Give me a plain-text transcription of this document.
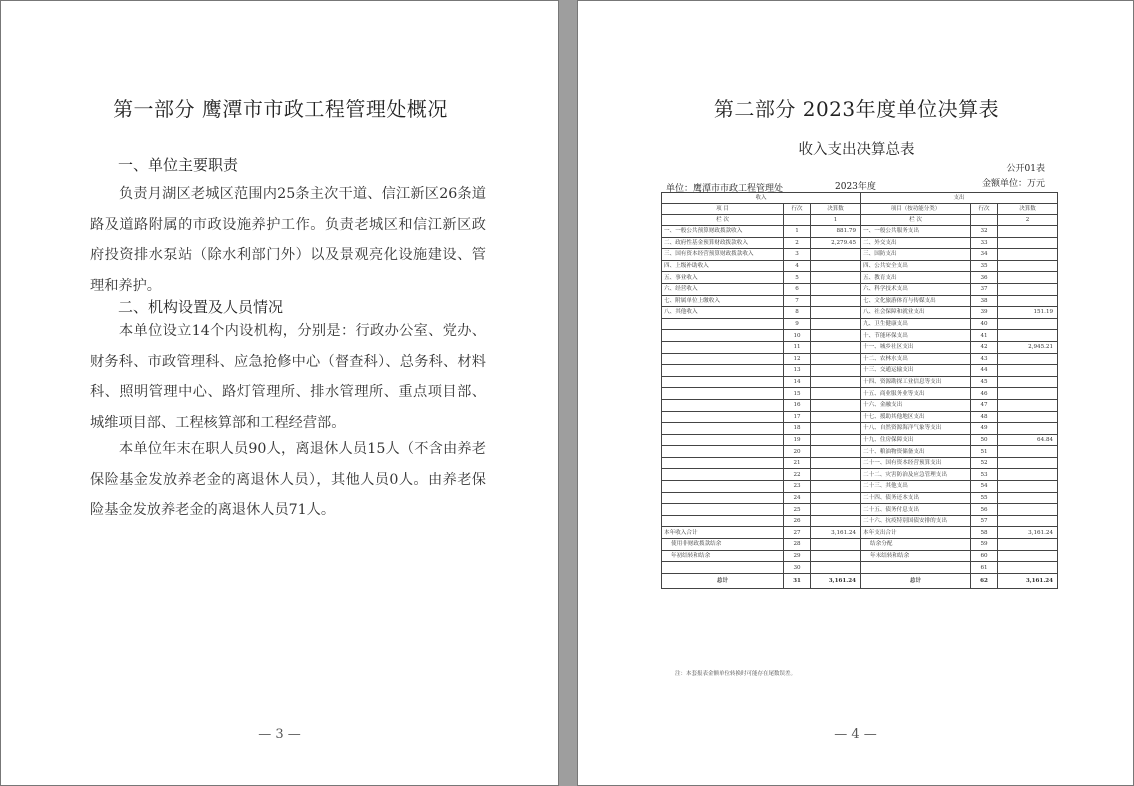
第一部分 鹰潭市市政工程管理处概况
一、单位主要职责
负责月湖区老城区范围内25条主次干道、信江新区26条道路及道路附属的市政设施养护工作。负责老城区和信江新区政府投资排水泵站（除水利部门外）以及景观亮化设施建设、管理和养护。
二、机构设置及人员情况
本单位设立14个内设机构，分别是：行政办公室、党办、财务科、市政管理科、应急抢修中心（督查科）、总务科、材料科、照明管理中心、路灯管理所、排水管理所、重点项目部、城维项目部、工程核算部和工程经营部。
本单位年末在职人员90人，离退休人员15人（不含由养老保险基金发放养老金的离退休人员），其他人员0人。由养老保险基金发放养老金的离退休人员71人。
— 3 —
第二部分 2023年度单位决算表
收入支出决算总表
公开01表
单位：鹰潭市市政工程管理处	2023年度	金额单位：万元
收入			支出		
项 目	行次	决算数	项目（按功能分类）	行次	决算数
栏 次		1	栏 次		2
一、一般公共预算财政拨款收入	1	881.79	一、一般公共服务支出	32	
二、政府性基金预算财政拨款收入	2	2,279.45	二、外交支出	33	
三、国有资本经营预算财政拨款收入	3		三、国防支出	34	
四、上级补助收入	4		四、公共安全支出	35	
五、事业收入	5		五、教育支出	36	
六、经营收入	6		六、科学技术支出	37	
七、附属单位上缴收入	7		七、文化旅游体育与传媒支出	38	
八、其他收入	8		八、社会保障和就业支出	39	151.19
	9		九、卫生健康支出	40	
	10		十、节能环保支出	41	
	11		十一、城乡社区支出	42	2,945.21
	12		十二、农林水支出	43	
	13		十三、交通运输支出	44	
	14		十四、资源勘探工业信息等支出	45	
	15		十五、商业服务业等支出	46	
	16		十六、金融支出	47	
	17		十七、援助其他地区支出	48	
	18		十八、自然资源海洋气象等支出	49	
	19		十九、住房保障支出	50	64.84
	20		二十、粮油物资储备支出	51	
	21		二十一、国有资本经营预算支出	52	
	22		二十二、灾害防治及应急管理支出	53	
	23		二十三、其他支出	54	
	24		二十四、债务还本支出	55	
	25		二十五、债务付息支出	56	
	26		二十六、抗疫特别国债安排的支出	57	
本年收入合计	27	3,161.24	本年支出合计	58	3,161.24
使用非财政拨款结余	28		结余分配	59	
年初结转和结余	29		年末结转和结余	60	
	30			61	
总计	31	3,161.24	总计	62	3,161.24
注：本套报表金额单位转换时可能存在尾数误差。
— 4 —
